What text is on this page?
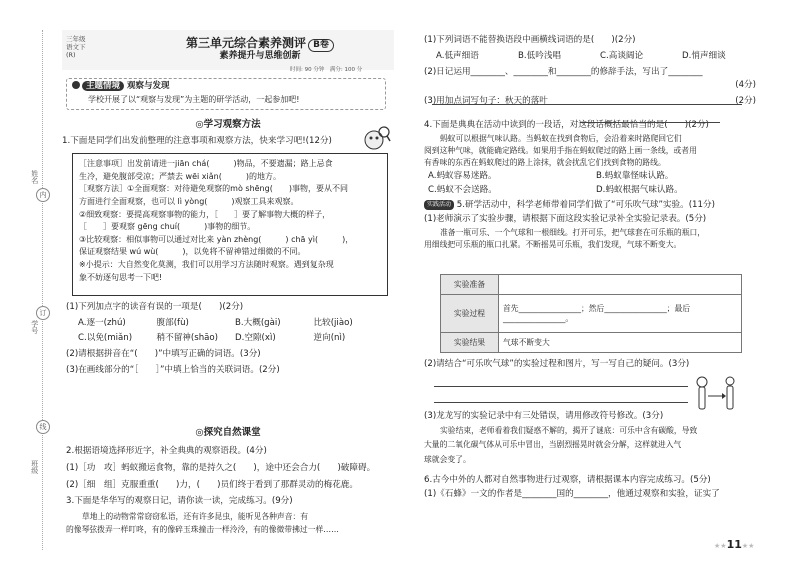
姓名
学号
班级
内
订
线
三年级
语文下
(R)
第三单元综合素养测评 B卷
素养提升与思维创新
时间: 90 分钟　满分: 100 分
主题情境 观察与发现
学校开展了以“观察与发现”为主题的研学活动，一起参加吧!
◎学习观察方法
1.下面是同学们出发前整理的注意事项和观察方法，快来学习吧!(12分)
［注意事项］出发前请进一jiān chá(　　　)物品，不要遗漏；路上忌食
生冷，避免腹部受凉；严禁去 wēi xiǎn(　　　)的地方。
［观察方法］①全面观察：对待避免观察的mò shēng(　　)事物，要从不同
方面进行全面观察，也可以 lì yòng(　　　)观察工具来观察。
②细致观察：要提高观察事物的能力，［　　］要了解事物大概的样子，
［　　］要观察 gēng chuí(　　　)事物的细节。
③比较观察：相似事物可以通过对比来 yàn zhèng(　　　) chā yì(　　　)，
保证观察结果 wú wù(　　　)，以免将不留神错过细微的不同。
※小提示：大自然变化莫测，我们可以用学习方法随时观察。遇到复杂现
象不妨逐句思考一下吧!
(1)下列加点字的读音有误的一项是(　　)(2分)
A.逐一(zhú)	腹部(fù)	B.大概(gài)	比较(jiào)
C.以免(miǎn)	稍不留神(shāo)	D.空隙(xì)	逆向(nì)
(2)请根据拼音在“(　　)”中填写正确的词语。(3分)
(3)在画线部分的“［　　］”中填上恰当的关联词语。(2分)
◎探究自然课堂
2.根据语境选择形近字，补全典典的观察语段。(4分)
(1)［功　攻］蚂蚁搬运食物，靠的是持久之(　　)，途中还会合力(　　)破障碍。
(2)［细　组］克服重重(　　)力，(　　)员们终于看到了那群灵动的梅花鹿。
3.下面是华华写的观察日记，请你读一读，完成练习。(9分)
草地上的动物常常窃窃私语，还有许多昆虫，能听见各种声音：有
的像琴弦拨弄一样叮咚，有的像碎玉珠撞击一样泠泠，有的像微带拂过一样……
(1)下列词语不能替换语段中画横线词语的是(　　)(2分)
A.低声细语	B.低吟浅唱	C.高谈阔论	D.悄声细谈
(2)日记运用________、________和________的修辞手法，写出了________
(4分)
(3)用加点词写句子：秋天的落叶	(2分)
4.下面是典典在活动中读到的一段话，对这段话概括最恰当的是(　　)(2分)
蚂蚁可以根据气味认路。当蚂蚁在找到食物后，会沿着来时路爬回它们
阅到这种气味，就能确定路线。如果用手指在蚂蚁爬过的路上画一条线，或者用
有香味的东西在蚂蚁爬过的路上涂抹，就会扰乱它们找到食物的路线。
A.蚂蚁容易迷路。	B.蚂蚁靠怪味认路。
C.蚂蚁不会送路。	D.蚂蚁根据气味认路。
实践活动 5.研学活动中，科学老师带着同学们做了“可乐吹气球”实验。(11分)
(1)老师演示了实验步骤，请根据下面这段实验记录补全实验记录表。(5分)
准备一瓶可乐、一个气球和一根细线。打开可乐，把气球套在可乐瓶的瓶口，
用细线把可乐瓶的瓶口扎紧。不断摇晃可乐瓶，我们发现，气球不断变大。
实验准备	
实验过程	首先________________；然后________________；最后________________。
实验结果	气球不断变大
(2)请结合“可乐吹气球”的实验过程和图片，写一写自己的疑问。(3分)
(3)龙龙写的实验记录中有三处错误，请用修改符号修改。(3分)
实验结束，老师看着我们疑惑不解的，揭开了谜底：可乐中含有碳酸，导致
大量的二氧化碳气体从可乐中冒出，当剧烈摇晃时就会分解，这样就进入气
球就会变了。
6.古今中外的人都对自然事物进行过观察，请根据课本内容完成练习。(5分)
(1)《石蜂》一文的作者是________国的________，他通过观察和实验，证实了
★★11★★
